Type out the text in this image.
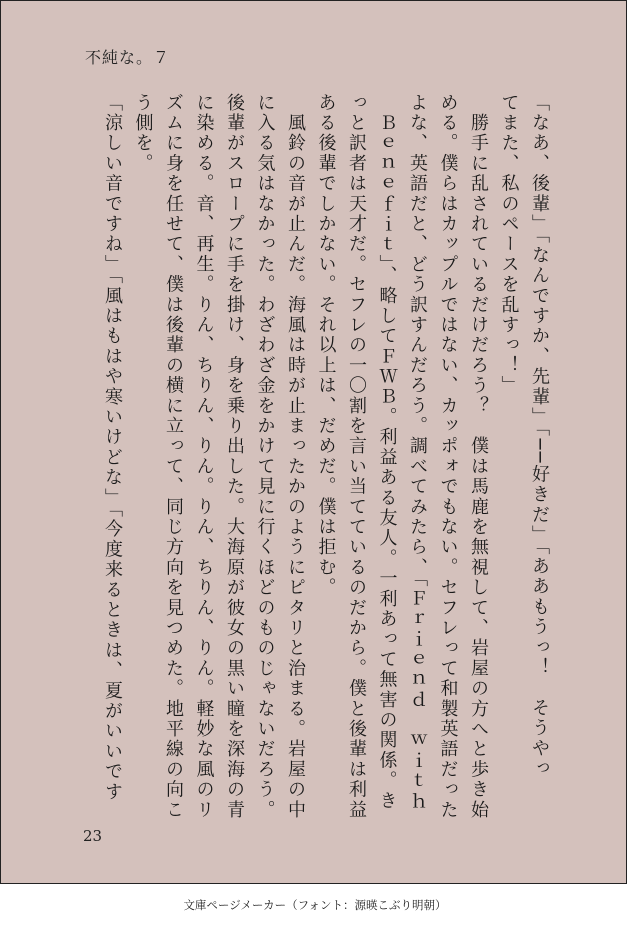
不純な。７
「なあ、後輩」「なんですか、先輩」「──好きだ」「ああもうっ！　そうやっ
てまた、私のペースを乱すっ！」
　勝手に乱されているだけだろう？　僕は馬鹿を無視して、岩屋の方へと歩き始
める。僕らはカップルではない、カッポォでもない。セフレって和製英語だった
よな、英語だと、どう訳すんだろう。調べてみたら、「Ｆｒｉｅｎｄ　ｗｉｔｈ
　Ｂｅｎｅｆｉｔ」、略してＦＷＢ。利益ある友人。一利あって無害の関係。き
っと訳者は天才だ。セフレの一〇割を言い当てているのだから。僕と後輩は利益
ある後輩でしかない。それ以上は、だめだ。僕は拒む。
　風鈴の音が止んだ。海風は時が止まったかのようにピタリと治まる。岩屋の中
に入る気はなかった。わざわざ金をかけて見に行くほどのものじゃないだろう。
後輩がスロープに手を掛け、身を乗り出した。大海原が彼女の黒い瞳を深海の青
に染める。音、再生。りん、ちりん、りん。りん、ちりん、りん。軽妙な風のリ
ズムに身を任せて、僕は後輩の横に立って、同じ方向を見つめた。地平線の向こ
う側を。
「涼しい音ですね」「風はもはや寒いけどな」「今度来るときは、夏がいいです
23
文庫ページメーカー（フォント：源暎こぶり明朝）
